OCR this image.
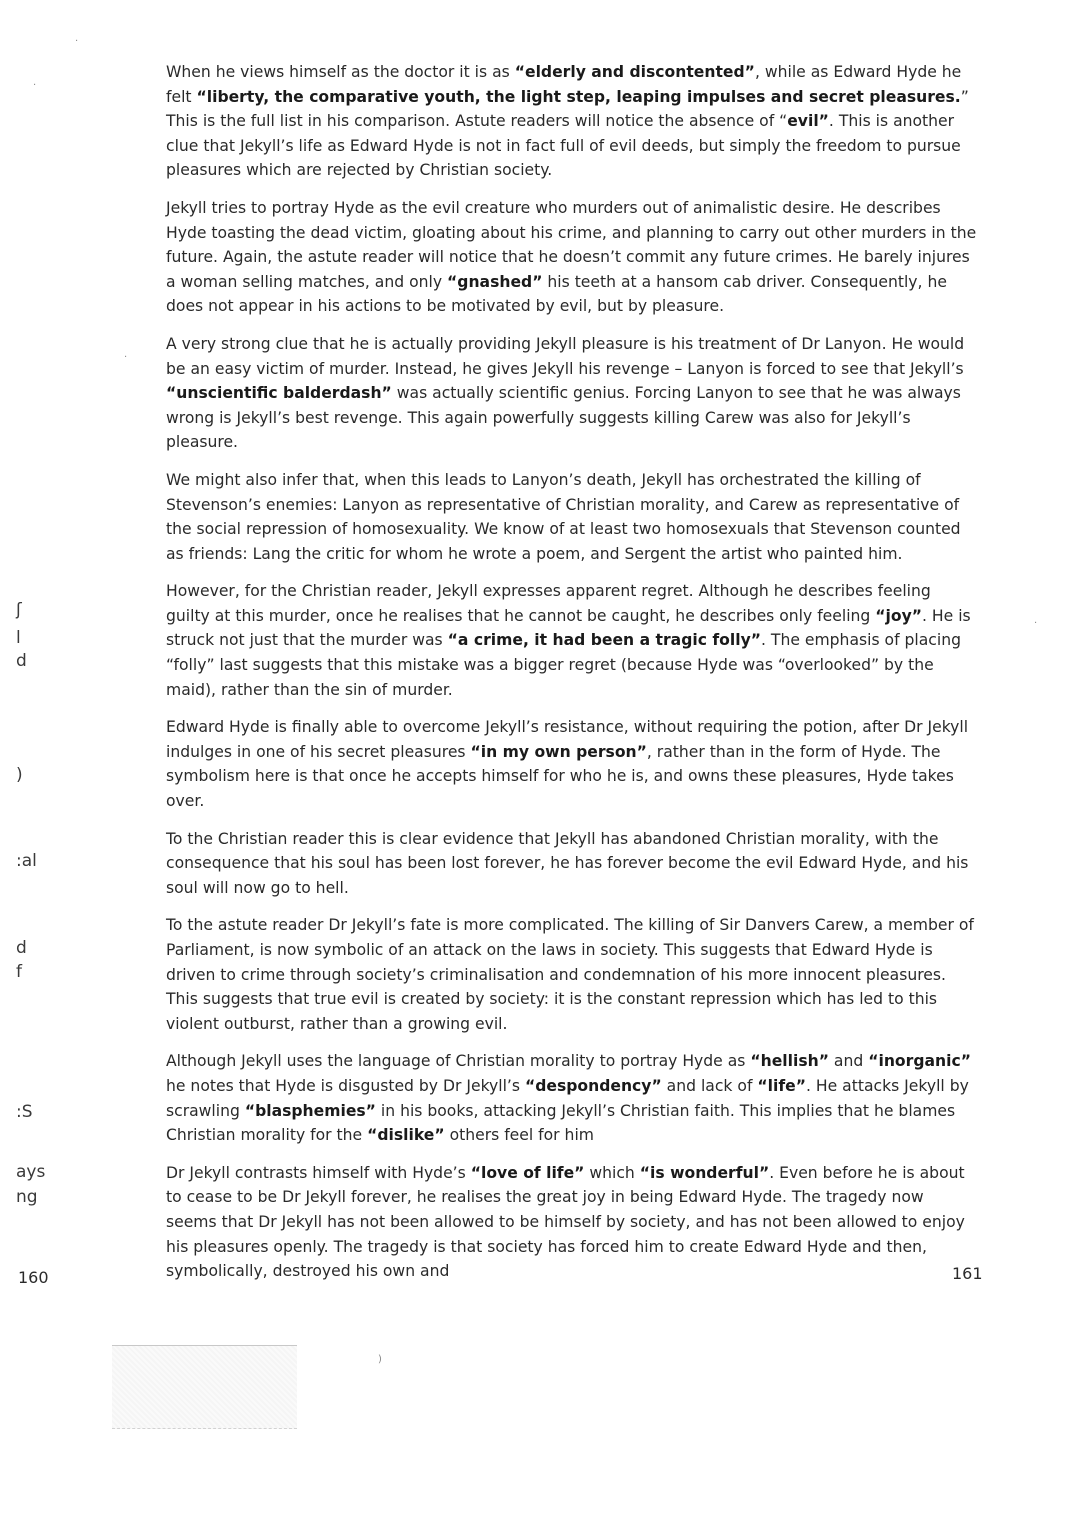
When he views himself as the doctor it is as “elderly and discontented”, while as Edward Hyde he felt “liberty, the comparative youth, the light step, leaping impulses and secret pleasures.” This is the full list in his comparison. Astute readers will notice the absence of “evil”. This is another clue that Jekyll’s life as Edward Hyde is not in fact full of evil deeds, but simply the freedom to pursue pleasures which are rejected by Christian society.

Jekyll tries to portray Hyde as the evil creature who murders out of animalistic desire. He describes Hyde toasting the dead victim, gloating about his crime, and planning to carry out other murders in the future. Again, the astute reader will notice that he doesn’t commit any future crimes. He barely injures a woman selling matches, and only “gnashed” his teeth at a hansom cab driver. Consequently, he does not appear in his actions to be motivated by evil, but by pleasure.

A very strong clue that he is actually providing Jekyll pleasure is his treatment of Dr Lanyon. He would be an easy victim of murder. Instead, he gives Jekyll his revenge – Lanyon is forced to see that Jekyll’s “unscientific balderdash” was actually scientific genius. Forcing Lanyon to see that he was always wrong is Jekyll’s best revenge. This again powerfully suggests killing Carew was also for Jekyll’s pleasure.

We might also infer that, when this leads to Lanyon’s death, Jekyll has orchestrated the killing of Stevenson’s enemies: Lanyon as representative of Christian morality, and Carew as representative of the social repression of homosexuality. We know of at least two homosexuals that Stevenson counted as friends: Lang the critic for whom he wrote a poem, and Sergent the artist who painted him.

However, for the Christian reader, Jekyll expresses apparent regret. Although he describes feeling guilty at this murder, once he realises that he cannot be caught, he describes only feeling “joy”. He is struck not just that the murder was “a crime, it had been a tragic folly”. The emphasis of placing “folly” last suggests that this mistake was a bigger regret (because Hyde was “overlooked” by the maid), rather than the sin of murder.

Edward Hyde is finally able to overcome Jekyll’s resistance, without requiring the potion, after Dr Jekyll indulges in one of his secret pleasures “in my own person”, rather than in the form of Hyde. The symbolism here is that once he accepts himself for who he is, and owns these pleasures, Hyde takes over.

To the Christian reader this is clear evidence that Jekyll has abandoned Christian morality, with the consequence that his soul has been lost forever, he has forever become the evil Edward Hyde, and his soul will now go to hell.

To the astute reader Dr Jekyll’s fate is more complicated. The killing of Sir Danvers Carew, a member of Parliament, is now symbolic of an attack on the laws in society. This suggests that Edward Hyde is driven to crime through society’s criminalisation and condemnation of his more innocent pleasures. This suggests that true evil is created by society: it is the constant repression which has led to this violent outburst, rather than a growing evil.

Although Jekyll uses the language of Christian morality to portray Hyde as “hellish” and “inorganic” he notes that Hyde is disgusted by Dr Jekyll’s “despondency” and lack of “life”. He attacks Jekyll by scrawling “blasphemies” in his books, attacking Jekyll’s Christian faith. This implies that he blames Christian morality for the “dislike” others feel for him

Dr Jekyll contrasts himself with Hyde’s “love of life” which “is wonderful”. Even before he is about to cease to be Dr Jekyll forever, he realises the great joy in being Edward Hyde. The tragedy now seems that Dr Jekyll has not been allowed to be himself by society, and has not been allowed to enjoy his pleasures openly. The tragedy is that society has forced him to create Edward Hyde and then, symbolically, destroyed his own and

ʃ
l
d
)
:al
d
f
:S
ays
ng
160	161
·
·
·
·
)
